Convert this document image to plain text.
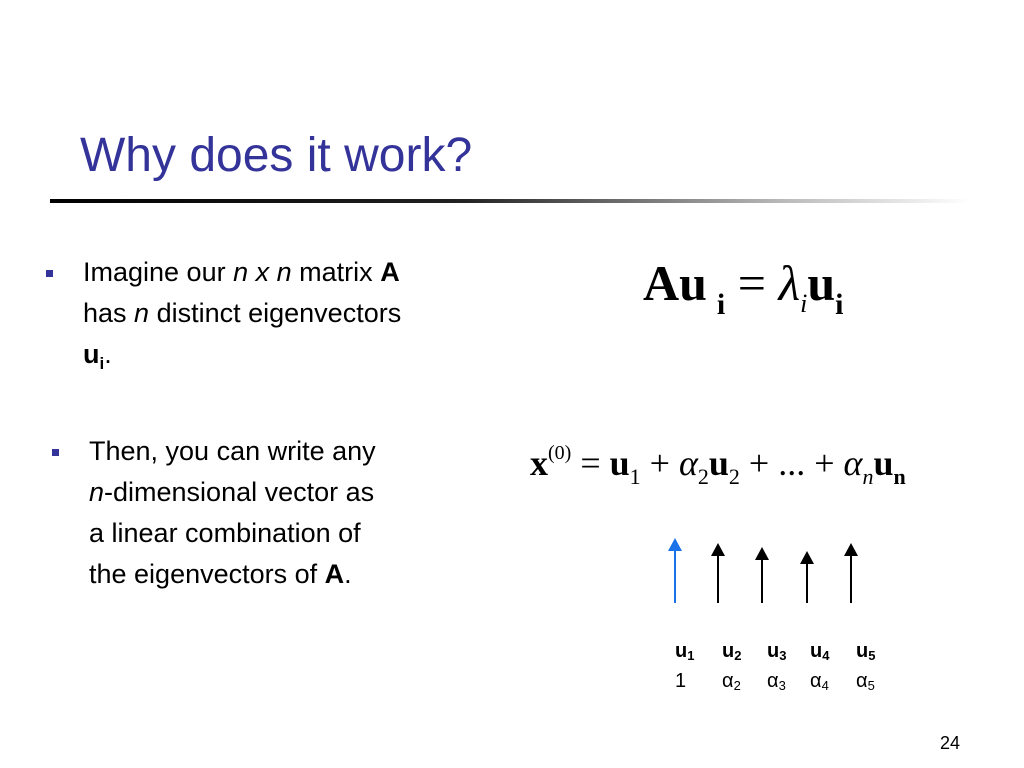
Why does it work?
Imagine our n x n matrix A
has n distinct eigenvectors
$u_i$.
Then, you can write any
n-dimensional vector as
a linear combination of
the eigenvectors of A.
Au $_i = \lambda_iu_i$
$x^{(0)} = u_1 + \alpha_2u_2$ + ... + $\alpha_nu_n$
$u_1$ $u_2$ $u_3$ $u_4$ $u_5$
1 $\alpha_2$ $\alpha_3$ $\alpha_4$ $\alpha_5$
24
